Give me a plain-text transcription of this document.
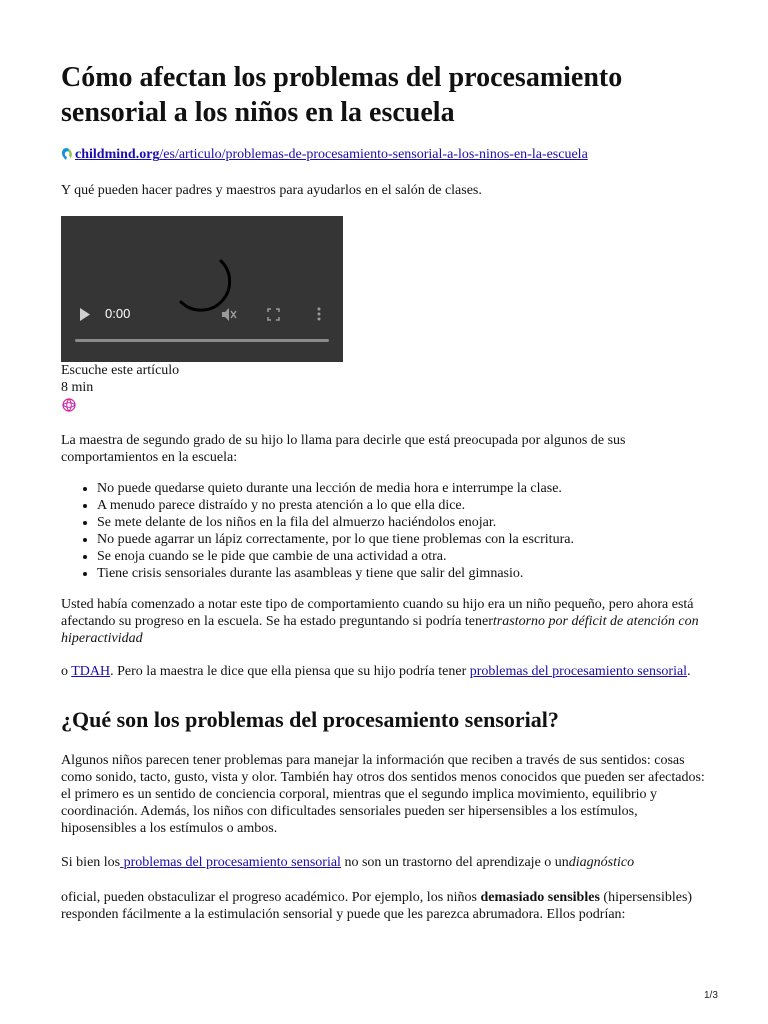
Cómo afectan los problemas del procesamiento sensorial a los niños en la escuela
childmind.org/es/articulo/problemas-de-procesamiento-sensorial-a-los-ninos-en-la-escuela

Y qué pueden hacer padres y maestros para ayudarlos en el salón de clases.

0:00
Escuche este artículo
8 min

La maestra de segundo grado de su hijo lo llama para decirle que está preocupada por algunos de sus comportamientos en la escuela:

• No puede quedarse quieto durante una lección de media hora e interrumpe la clase.
• A menudo parece distraído y no presta atención a lo que ella dice.
• Se mete delante de los niños en la fila del almuerzo haciéndolos enojar.
• No puede agarrar un lápiz correctamente, por lo que tiene problemas con la escritura.
• Se enoja cuando se le pide que cambie de una actividad a otra.
• Tiene crisis sensoriales durante las asambleas y tiene que salir del gimnasio.

Usted había comenzado a notar este tipo de comportamiento cuando su hijo era un niño pequeño, pero ahora está afectando su progreso en la escuela. Se ha estado preguntando si podría tenertrastorno por déficit de atención con hiperactividad

o TDAH. Pero la maestra le dice que ella piensa que su hijo podría tener problemas del procesamiento sensorial.

¿Qué son los problemas del procesamiento sensorial?

Algunos niños parecen tener problemas para manejar la información que reciben a través de sus sentidos: cosas como sonido, tacto, gusto, vista y olor. También hay otros dos sentidos menos conocidos que pueden ser afectados: el primero es un sentido de conciencia corporal, mientras que el segundo implica movimiento, equilibrio y coordinación. Además, los niños con dificultades sensoriales pueden ser hipersensibles a los estímulos, hiposensibles a los estímulos o ambos.

Si bien los problemas del procesamiento sensorial no son un trastorno del aprendizaje o undiagnóstico

oficial, pueden obstaculizar el progreso académico. Por ejemplo, los niños demasiado sensibles (hipersensibles) responden fácilmente a la estimulación sensorial y puede que les parezca abrumadora. Ellos podrían:

1/3
